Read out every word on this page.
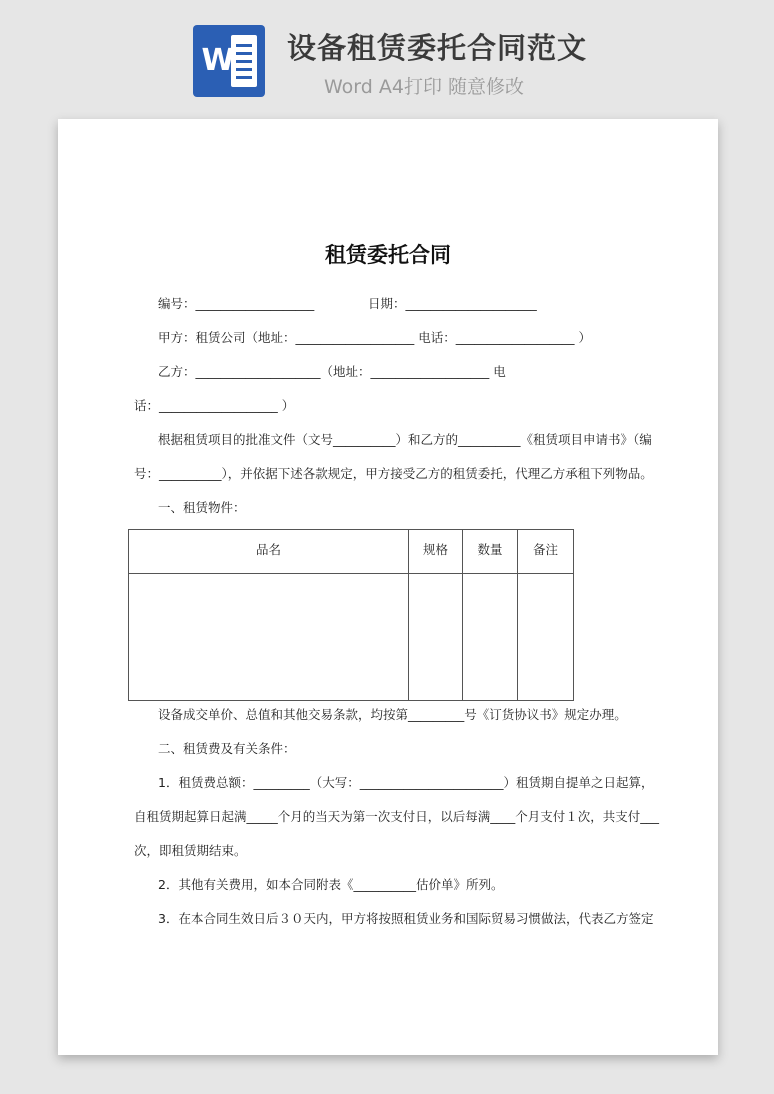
W 设备租赁委托合同范文
Word A4打印 随意修改
租赁委托合同
编号：___________________	日期：_____________________
甲方：租赁公司（地址：___________________ 电话：___________________ ）
乙方：____________________（地址：___________________ 电
话：___________________ ）
根据租赁项目的批准文件（文号__________）和乙方的__________《租赁项目申请书》（编
号：__________），并依据下述各款规定，甲方接受乙方的租赁委托，代理乙方承租下列物品。
一、租赁物件：
品名	规格	数量	备注
设备成交单价、总值和其他交易条款，均按第_________号《订货协议书》规定办理。
二、租赁费及有关条件：
1．租赁费总额：_________（大写：_______________________）租赁期自提单之日起算，
自租赁期起算日起满_____个月的当天为第一次支付日，以后每满____个月支付１次，共支付___
次，即租赁期结束。
2．其他有关费用，如本合同附表《__________估价单》所列。
3．在本合同生效日后３０天内，甲方将按照租赁业务和国际贸易习惯做法，代表乙方签定
